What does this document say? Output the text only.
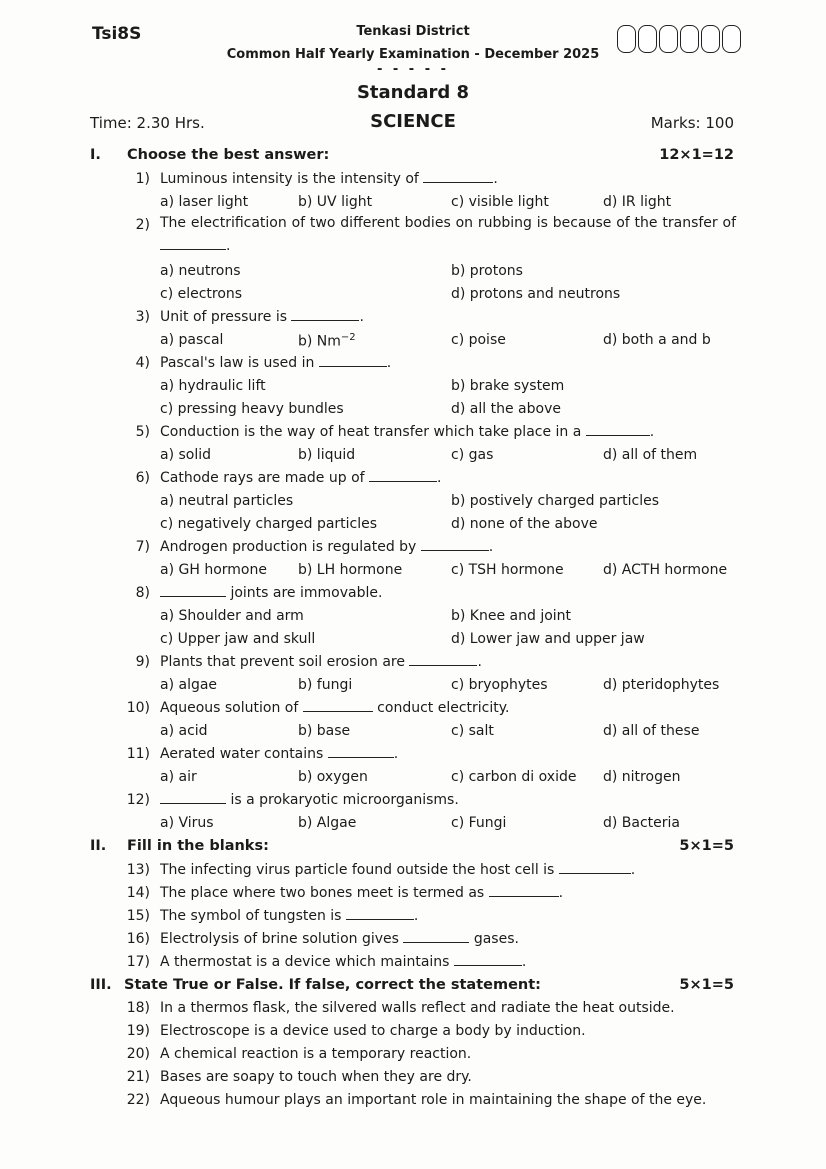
Tsi8S	Tenkasi District
Common Half Yearly Examination - December 2025
- - - - -
Standard 8
Time: 2.30 Hrs.	SCIENCE	Marks: 100
I. Choose the best answer:	12×1=12
1) Luminous intensity is the intensity of	.
a) laser light	b) UV light	c) visible light	d) IR light
2) The electrification of two different bodies on rubbing is because of the transfer of .
a) neutrons	b) protons
c) electrons	d) protons and neutrons
3) Unit of pressure is	.
a) pascal	b) $Nm^{-2}$	c) poise	d) both a and b
4) Pascal's law is used in	.
a) hydraulic lift	b) brake system
c) pressing heavy bundles	d) all the above
5) Conduction is the way of heat transfer which take place in a	.
a) solid	b) liquid	c) gas	d) all of them
6) Cathode rays are made up of	.
a) neutral particles	b) postively charged particles
c) negatively charged particles	d) none of the above
7) Androgen production is regulated by	.
a) GH hormone b) LH hormone	c) TSH hormone	d) ACTH hormone
8)	joints are immovable.
a) Shoulder and arm	b) Knee and joint
c) Upper jaw and skull	d) Lower jaw and upper jaw
9) Plants that prevent soil erosion are	.
a) algae	b) fungi	c) bryophytes	d) pteridophytes
10) Aqueous solution of	conduct electricity.
a) acid	b) base	c) salt	d) all of these
11) Aerated water contains	.
a) air	b) oxygen	c) carbon di oxide d) nitrogen
12)	is a prokaryotic microorganisms.
a) Virus	b) Algae	c) Fungi	d) Bacteria
II. Fill in the blanks:	5×1=5
13) The infecting virus particle found outside the host cell is	.
14) The place where two bones meet is termed as	.
15) The symbol of tungsten is	.
16) Electrolysis of brine solution gives	gases.
17) A thermostat is a device which maintains	.
III. State True or False. If false, correct the statement:	5×1=5
18) In a thermos flask, the silvered walls reflect and radiate the heat outside.
19) Electroscope is a device used to charge a body by induction.
20) A chemical reaction is a temporary reaction.
21) Bases are soapy to touch when they are dry.
22) Aqueous humour plays an important role in maintaining the shape of the eye.
